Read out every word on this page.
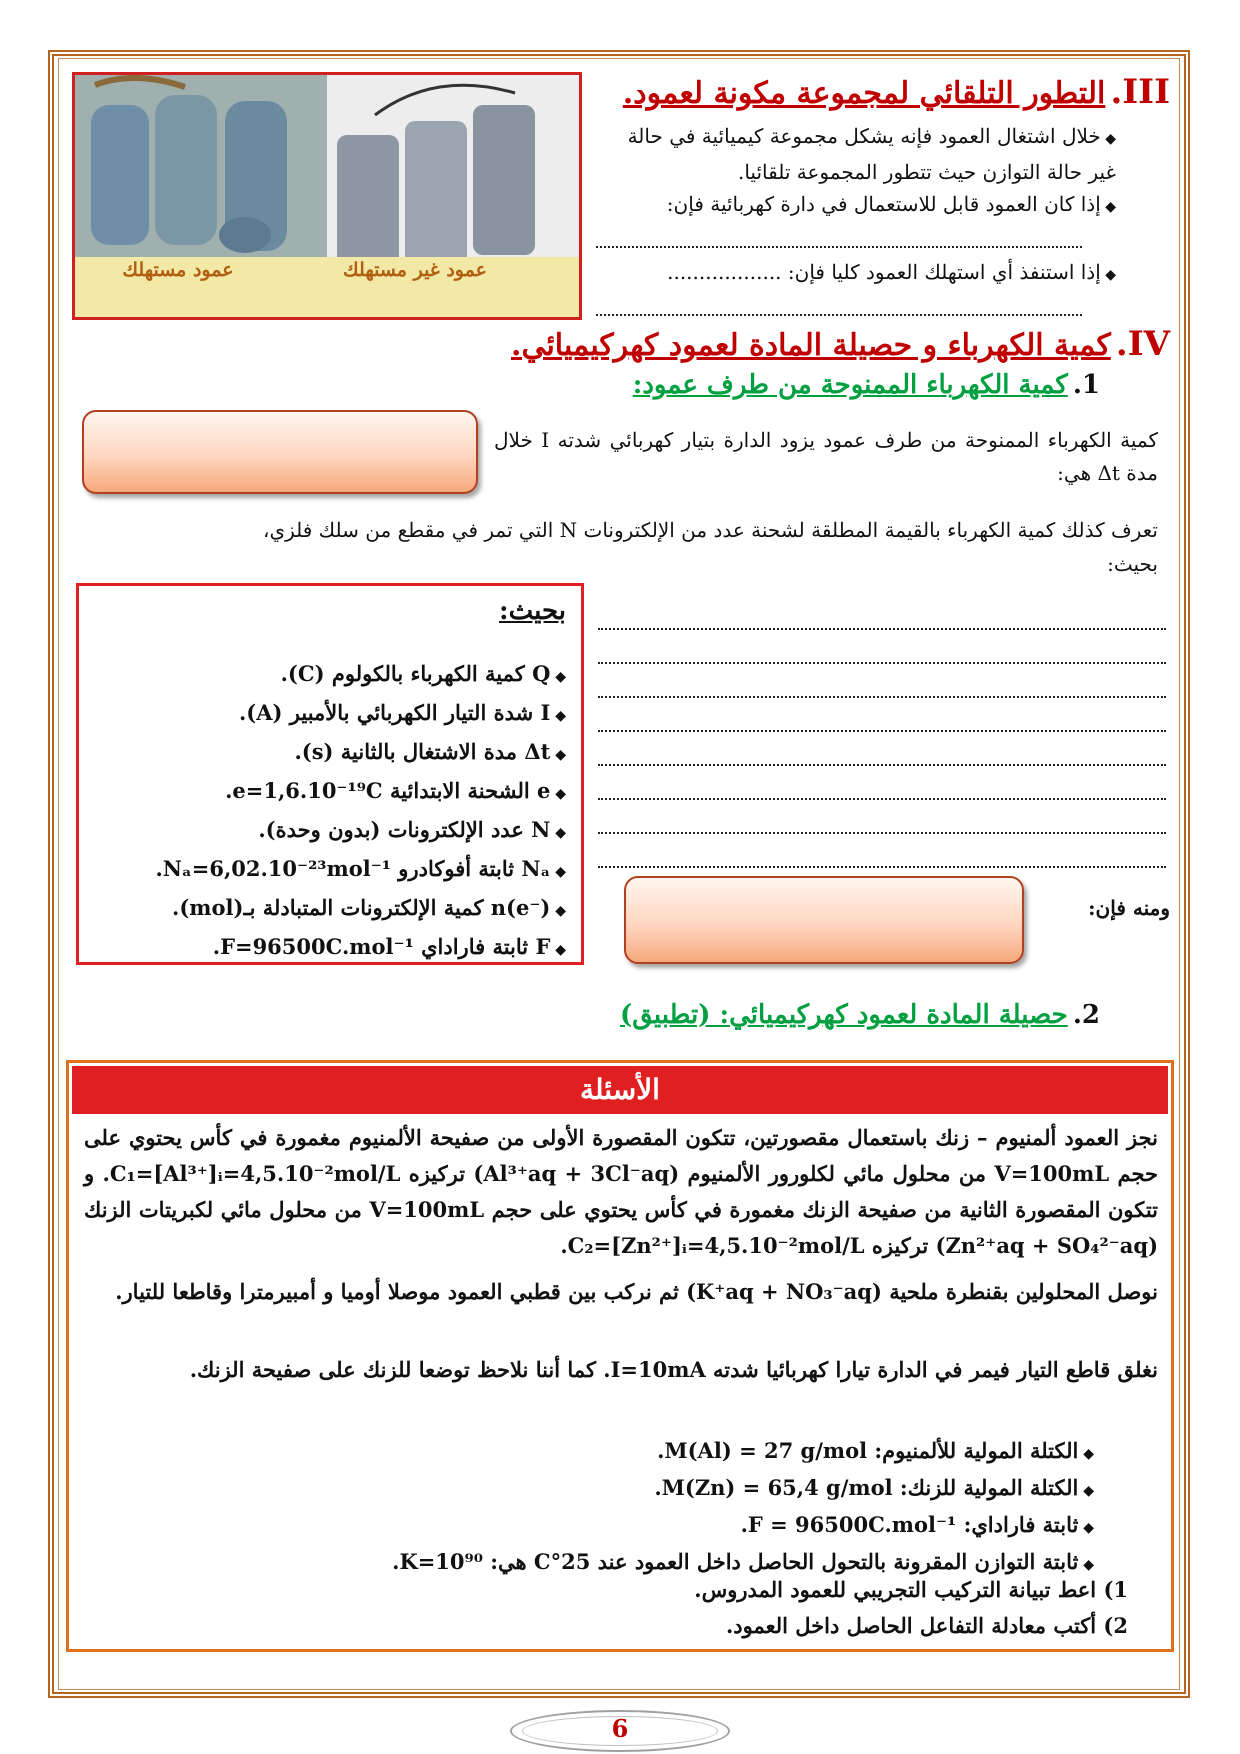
عمود مستهلك	عمود غير مستهلك
III. التطور التلقائي لمجموعة مكونة لعمود.
◆ خلال اشتغال العمود فإنه يشكل مجموعة كيميائية في حالة غير حالة التوازن حيث تتطور المجموعة تلقائيا.
◆ إذا كان العمود قابل للاستعمال في دارة كهربائية فإن:
◆ إذا استنفذ أي استهلك العمود كليا فإن: ..................
IV. كمية الكهرباء و حصيلة المادة لعمود كهركيميائي.
1. كمية الكهرباء الممنوحة من طرف عمود:
كمية الكهرباء الممنوحة من طرف عمود يزود الدارة بتيار كهربائي شدته I خلال مدة Δt هي:
تعرف كذلك كمية الكهرباء بالقيمة المطلقة لشحنة عدد من الإلكترونات N التي تمر في مقطع من سلك فلزي،
بحيث:
بحيث:
◆ Q كمية الكهرباء بالكولوم (C).
◆ I شدة التيار الكهربائي بالأمبير (A).
◆ Δt مدة الاشتغال بالثانية (s).
◆ e الشحنة الابتدائية e=1,6.10⁻¹⁹C.
◆ N عدد الإلكترونات (بدون وحدة).
◆ Nₐ ثابتة أفوكادرو Nₐ=6,02.10⁻²³mol⁻¹.
◆ n(e⁻) كمية الإلكترونات المتبادلة بـ(mol).
◆ F ثابتة فاراداي F=96500C.mol⁻¹.
ومنه فإن:
2. حصيلة المادة لعمود كهركيميائي: (تطبيق)
الأسئلة
نجز العمود ألمنيوم – زنك باستعمال مقصورتين، تتكون المقصورة الأولى من صفيحة الألمنيوم مغمورة في كأس يحتوي على حجم V=100mL من محلول مائي لكلورور الألمنيوم (Al³⁺aq + 3Cl⁻aq) تركيزه C₁=[Al³⁺]ᵢ=4,5.10⁻²mol/L. و تتكون المقصورة الثانية من صفيحة الزنك مغمورة في كأس يحتوي على حجم V=100mL من محلول مائي لكبريتات الزنك (Zn²⁺aq + SO₄²⁻aq) تركيزه C₂=[Zn²⁺]ᵢ=4,5.10⁻²mol/L.
نوصل المحلولين بقنطرة ملحية (K⁺aq + NO₃⁻aq) ثم نركب بين قطبي العمود موصلا أوميا و أمبيرمترا وقاطعا للتيار.
نغلق قاطع التيار فيمر في الدارة تيارا كهربائيا شدته I=10mA. كما أننا نلاحظ توضعا للزنك على صفيحة الزنك.
◆ الكتلة المولية للألمنيوم: M(Al) = 27 g/mol.
◆ الكتلة المولية للزنك: M(Zn) = 65,4 g/mol.
◆ ثابتة فاراداي: F = 96500C.mol⁻¹.
◆ ثابتة التوازن المقرونة بالتحول الحاصل داخل العمود عند 25°C هي: K=10⁹⁰.
1) اعط تبيانة التركيب التجريبي للعمود المدروس.
2) أكتب معادلة التفاعل الحاصل داخل العمود.
6
